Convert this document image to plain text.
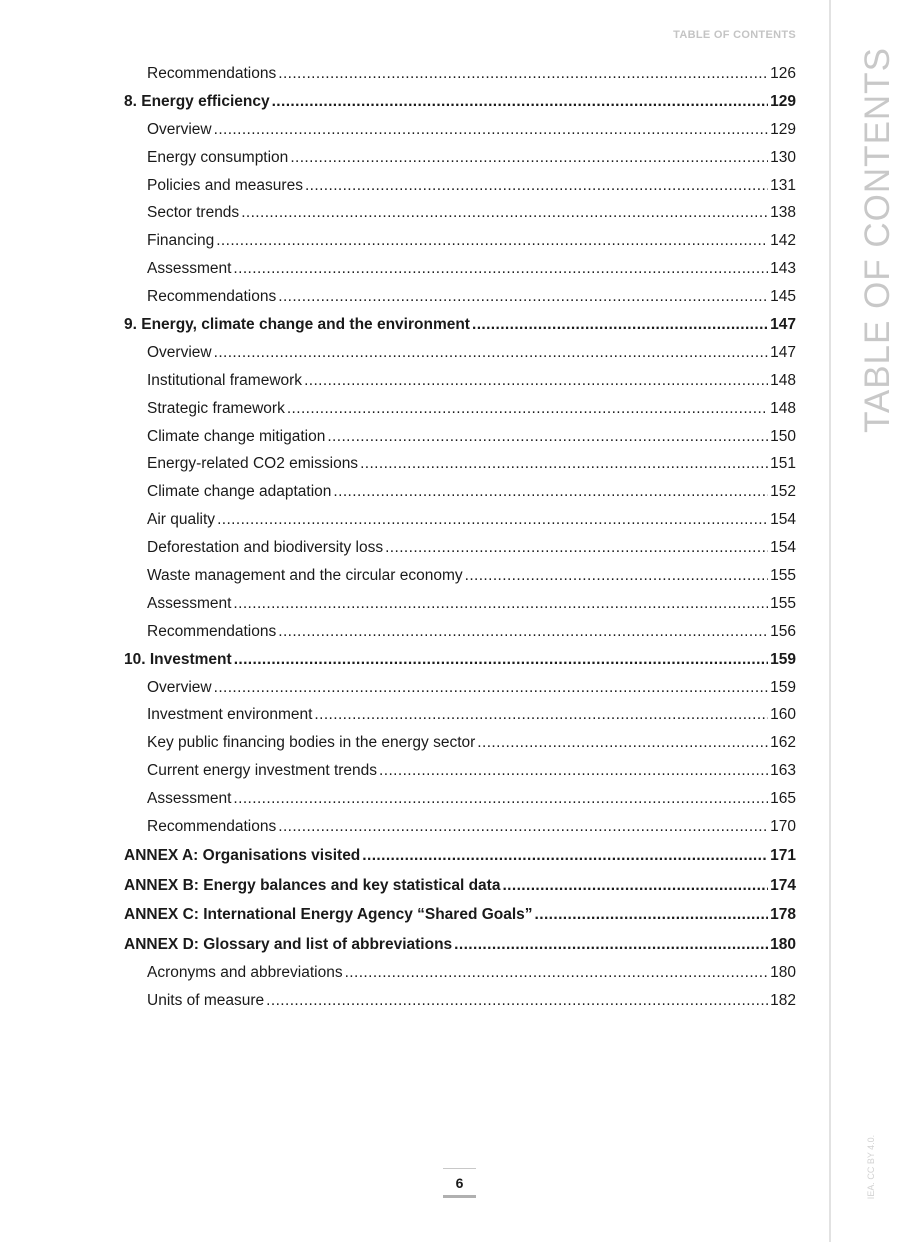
TABLE OF CONTENTS
TABLE OF CONTENTS
IEA. CC BY 4.0.
Recommendations .....	126
8. Energy efficiency .....	129
Overview .....	129
Energy consumption .....	130
Policies and measures .....	131
Sector trends .....	138
Financing .....	142
Assessment .....	143
Recommendations .....	145
9. Energy, climate change and the environment .....	147
Overview .....	147
Institutional framework .....	148
Strategic framework .....	148
Climate change mitigation .....	150
Energy-related CO2 emissions .....	151
Climate change adaptation .....	152
Air quality .....	154
Deforestation and biodiversity loss .....	154
Waste management and the circular economy .....	155
Assessment .....	155
Recommendations .....	156
10. Investment .....	159
Overview .....	159
Investment environment .....	160
Key public financing bodies in the energy sector .....	162
Current energy investment trends .....	163
Assessment .....	165
Recommendations .....	170
ANNEX A: Organisations visited .....	171
ANNEX B: Energy balances and key statistical data .....	174
ANNEX C: International Energy Agency “Shared Goals” .....	178
ANNEX D: Glossary and list of abbreviations .....	180
Acronyms and abbreviations .....	180
Units of measure .....	182
6
